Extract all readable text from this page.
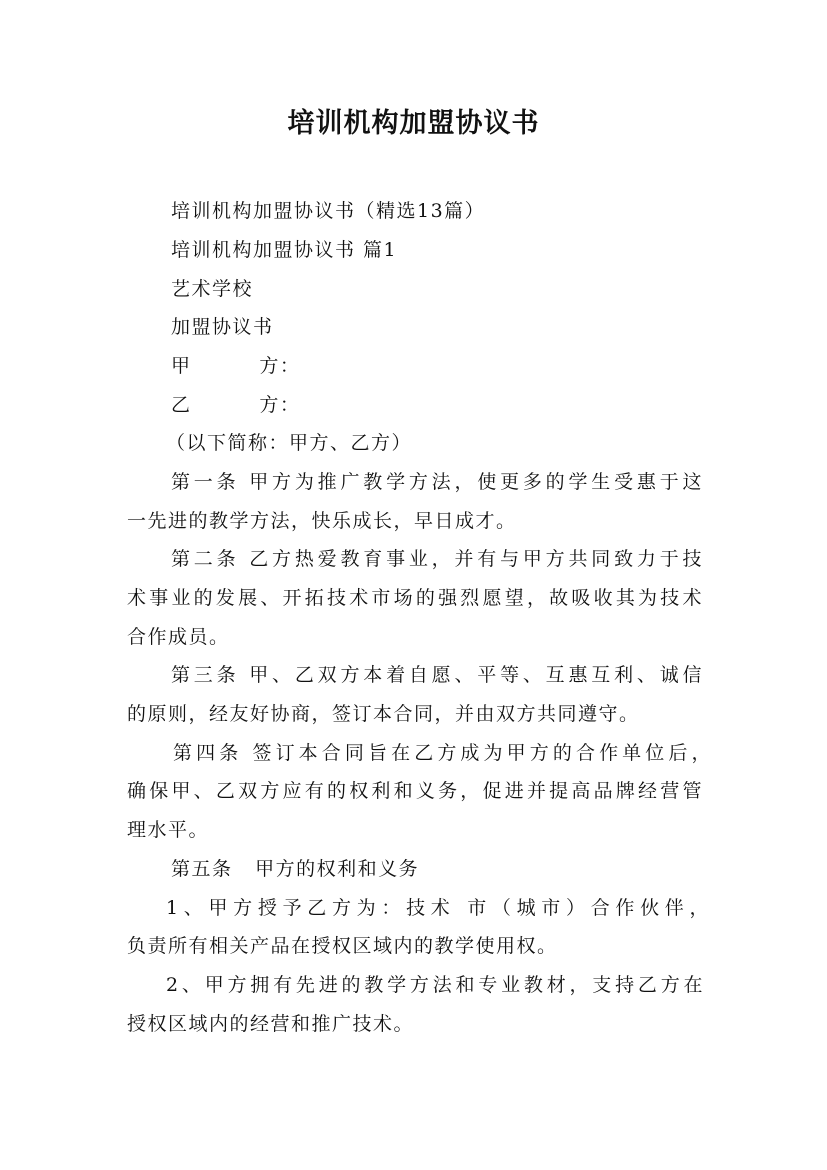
培训机构加盟协议书
培训机构加盟协议书（精选13篇）
培训机构加盟协议书 篇1
艺术学校
加盟协议书
甲         方：
乙         方：
（以下简称：甲方、乙方）
第一条 甲方为推广教学方法，使更多的学生受惠于这
一先进的教学方法，快乐成长，早日成才。
第二条 乙方热爱教育事业，并有与甲方共同致力于技
术事业的发展、开拓技术市场的强烈愿望，故吸收其为技术
合作成员。
第三条 甲、乙双方本着自愿、平等、互惠互利、诚信
的原则，经友好协商，签订本合同，并由双方共同遵守。
第四条 签订本合同旨在乙方成为甲方的合作单位后，
确保甲、乙双方应有的权利和义务，促进并提高品牌经营管
理水平。
第五条   甲方的权利和义务
1、甲方授予乙方为：技术 市（城市）合作伙伴，
负责所有相关产品在授权区域内的教学使用权。
2、甲方拥有先进的教学方法和专业教材，支持乙方在
授权区域内的经营和推广技术。
